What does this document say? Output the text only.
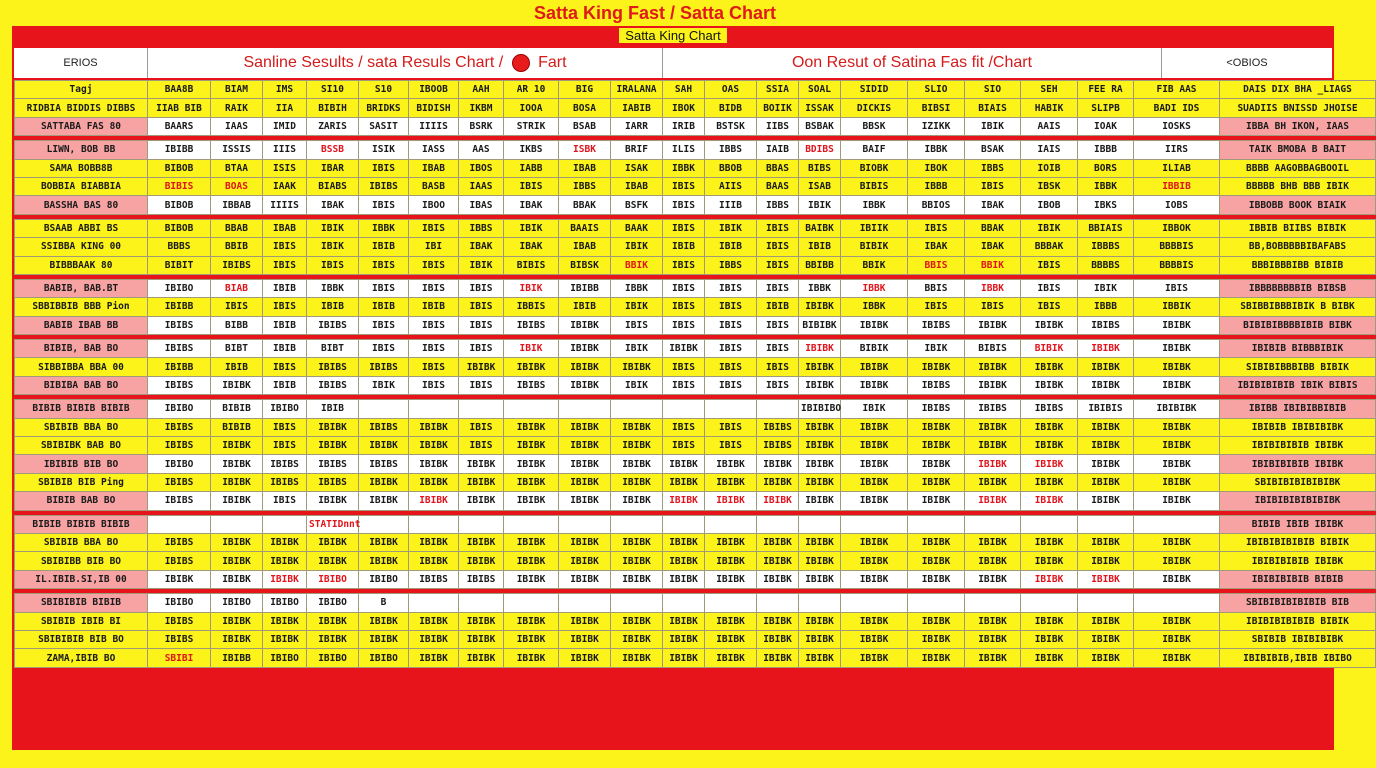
Satta King Fast / Satta Chart
Satta King Chart
ERIOS	Sanline Sesults / sata Resuls Chart / Fart	Oon Resut of Satina Fas fit /Chart	<OBIOS
Tagj	BAA8B	BIAM	IMS	SI10	S10	IBOOB	AAH	AR 10	BIG	IRALANA	SAH	OAS	SSIA	SOAL	SIDID	SLIO	SIO	SEH	FEE RA	FIB AAS	DAIS DIX BHA _LIAGS
RIDBIA BIDDIS DIBBS	IIAB BIB	RAIK	IIA	BIBIH	BRIDKS	BIDISH	IKBM	IOOA	BOSA	IABIB	IBOK	BIDB	BOIIK	ISSAK	DICKIS	BIBSI	BIAIS	HABIK	SLIPB	BADI IDS	SUADIIS BNISSD JHOISE
SATTABA FAS 80	BAARS	IAAS	IMID	ZARIS	SASIT	IIIIS	BSRK	STRIK	BSAB	IARR	IRIB	BSTSK	IIBS	BSBAK	BBSK	IZIKK	IBIK	AAIS	IOAK	IOSKS	IBBA BH IKON, IAAS

LIWN, BOB BB	IBIBB	ISSIS	IIIS	BSSB	ISIK	IASS	AAS	IKBS	ISBK	BRIF	ILIS	IBBS	IAIB	BDIBS	BAIF	IBBK	BSAK	IAIS	IBBB	IIRS	TAIK BMOBA B BAIT
SAMA BOBB8B	BIBOB	BTAA	ISIS	IBAR	IBIS	IBAB	IBOS	IABB	IBAB	ISAK	IBBK	BBOB	BBAS	BIBS	BIOBK	IBOK	IBBS	IOIB	BORS	ILIAB	BBBB AAGOBBAGBOOIL
BOBBIA BIABBIA	BIBIS	BOAS	IAAK	BIABS	IBIBS	BASB	IAAS	IBIS	IBBS	IBAB	IBIS	AIIS	BAAS	ISAB	BIBIS	IBBB	IBIS	IBSK	IBBK	IBBIB	BBBBB BHB BBB IBIK
BASSHA BAS 80	BIBOB	IBBAB	IIIIS	IBAK	IBIS	IBOO	IBAS	IBAK	BBAK	BSFK	IBIS	IIIB	IBBS	IBIK	IBBK	BBIOS	IBAK	IBOB	IBKS	IOBS	IBBOBB BOOK BIAIK

BSAAB ABBI BS	BIBOB	BBAB	IBAB	IBIK	IBBK	IBIS	IBBS	IBIK	BAAIS	BAAK	IBIS	IBIK	IBIS	BAIBK	IBIIK	IBIS	BBAK	IBIK	BBIAIS	IBBOK	IBBIB BIIBS BIBIK
SSIBBA KING 00	BBBS	BBIB	IBIS	IBIK	IBIB	IBI	IBAK	IBAK	IBAB	IBIK	IBIB	IBIB	IBIS	IBIB	BIBIK	IBAK	IBAK	BBBAK	IBBBS	BBBBIS	BB,BOBBBBBIBAFABS
BIBBBAAK 80	BIBIT	IBIBS	IBIS	IBIS	IBIS	IBIS	IBIK	BIBIS	BIBSK	BBIK	IBIS	IBBS	IBIS	BBIBB	BBIK	BBIS	BBIK	IBIS	BBBBS	BBBBIS	BBBIBBBIBB BIBIB

BABIB, BAB.BT	IBIBO	BIAB	IBIB	IBBK	IBIS	IBIS	IBIS	IBIK	IBIBB	IBBK	IBIS	IBIS	IBIS	IBBK	IBBK	BBIS	IBBK	IBIS	IBIK	IBIS	IBBBBBBBBIB BIBSB
SBBIBBIB BBB Pion	IBIBB	IBIS	IBIS	IBIB	IBIB	IBIB	IBIS	IBBIS	IBIB	IBIK	IBIS	IBIS	IBIB	IBIBK	IBBK	IBIS	IBIS	IBIS	IBBB	IBBIK	SBIBBIBBBIBIK B BIBK
BABIB IBAB BB	IBIBS	BIBB	IBIB	IBIBS	IBIS	IBIS	IBIS	IBIBS	IBIBK	IBIS	IBIS	IBIS	IBIS	BIBIBK	IBIBK	IBIBS	IBIBK	IBIBK	IBIBS	IBIBK	BIBIBIBBBBIBIB BIBK

BIBIB, BAB BO	IBIBS	BIBT	IBIB	BIBT	IBIS	IBIS	IBIS	IBIK	IBIBK	IBIK	IBIBK	IBIS	IBIS	IBIBK	BIBIK	IBIK	BIBIS	BIBIK	IBIBK	IBIBK	IBIBIB BIBBBIBIK
SIBBIBBA BBA 00	IBIBB	IBIB	IBIS	IBIBS	IBIBS	IBIS	IBIBK	IBIBK	IBIBK	IBIBK	IBIS	IBIS	IBIS	IBIBK	IBIBK	IBIBK	IBIBK	IBIBK	IBIBK	IBIBK	SIBIBIBBBIBB BIBIK
BIBIBA BAB BO	IBIBS	IBIBK	IBIB	IBIBS	IBIK	IBIS	IBIS	IBIBS	IBIBK	IBIK	IBIS	IBIS	IBIS	IBIBK	IBIBK	IBIBS	IBIBK	IBIBK	IBIBK	IBIBK	IBIBIBIBIB IBIK BIBIS

BIBIB BIBIB BIBIB	IBIBO	BIBIB	IBIBO	IBIB										IBIBIBO	IBIK	IBIBS	IBIBS	IBIBS	IBIBIS	IBIBIBK	IBIBB IBIBIBBIBIB
SBIBIB BBA BO	IBIBS	BIBIB	IBIS	IBIBK	IBIBS	IBIBK	IBIS	IBIBK	IBIBK	IBIBK	IBIS	IBIS	IBIBS	IBIBK	IBIBK	IBIBK	IBIBK	IBIBK	IBIBK	IBIBK	IBIBIB IBIBIBIBK
SBIBIBK BAB BO	IBIBS	IBIBK	IBIS	IBIBK	IBIBK	IBIBK	IBIS	IBIBK	IBIBK	IBIBK	IBIS	IBIS	IBIBS	IBIBK	IBIBK	IBIBK	IBIBK	IBIBK	IBIBK	IBIBK	IBIBIBIBIB IBIBK
IBIBIB BIB BO	IBIBO	IBIBK	IBIBS	IBIBS	IBIBS	IBIBK	IBIBK	IBIBK	IBIBK	IBIBK	IBIBK	IBIBK	IBIBK	IBIBK	IBIBK	IBIBK	IBIBK	IBIBK	IBIBK	IBIBK	IBIBIBIBIB IBIBK
SBIBIB BIB Ping	IBIBS	IBIBK	IBIBS	IBIBS	IBIBK	IBIBK	IBIBK	IBIBK	IBIBK	IBIBK	IBIBK	IBIBK	IBIBK	IBIBK	IBIBK	IBIBK	IBIBK	IBIBK	IBIBK	IBIBK	SBIBIBIBIBIBIBK
BIBIB BAB BO	IBIBS	IBIBK	IBIS	IBIBK	IBIBK	IBIBK	IBIBK	IBIBK	IBIBK	IBIBK	IBIBK	IBIBK	IBIBK	IBIBK	IBIBK	IBIBK	IBIBK	IBIBK	IBIBK	IBIBK	IBIBIBIBIBIBIBK

BIBIB BIBIB BIBIB				STATIDnnt																	BIBIB IBIB IBIBK
SBIBIB BBA BO	IBIBS	IBIBK	IBIBK	IBIBK	IBIBK	IBIBK	IBIBK	IBIBK	IBIBK	IBIBK	IBIBK	IBIBK	IBIBK	IBIBK	IBIBK	IBIBK	IBIBK	IBIBK	IBIBK	IBIBK	IBIBIBIBIBIB BIBIK
SBIBIBB BIB BO	IBIBS	IBIBK	IBIBK	IBIBK	IBIBK	IBIBK	IBIBK	IBIBK	IBIBK	IBIBK	IBIBK	IBIBK	IBIBK	IBIBK	IBIBK	IBIBK	IBIBK	IBIBK	IBIBK	IBIBK	IBIBIBIBIB IBIBK
IL.IBIB.SI,IB 00	IBIBK	IBIBK	IBIBK	IBIBO	IBIBO	IBIBS	IBIBS	IBIBK	IBIBK	IBIBK	IBIBK	IBIBK	IBIBK	IBIBK	IBIBK	IBIBK	IBIBK	IBIBK	IBIBK	IBIBK	IBIBIBIBIB BIBIB

SBIBIBIB BIBIB	IBIBO	IBIBO	IBIBO	IBIBO	B																SBIBIBIBIBIBIB BIB
SBIBIB IBIB BI	IBIBS	IBIBK	IBIBK	IBIBK	IBIBK	IBIBK	IBIBK	IBIBK	IBIBK	IBIBK	IBIBK	IBIBK	IBIBK	IBIBK	IBIBK	IBIBK	IBIBK	IBIBK	IBIBK	IBIBK	IBIBIBIBIBIB BIBIK
SBIBIBIB BIB BO	IBIBS	IBIBK	IBIBK	IBIBK	IBIBK	IBIBK	IBIBK	IBIBK	IBIBK	IBIBK	IBIBK	IBIBK	IBIBK	IBIBK	IBIBK	IBIBK	IBIBK	IBIBK	IBIBK	IBIBK	SBIBIB IBIBIBIBK
ZAMA,IBIB BO	SBIBI	IBIBB	IBIBO	IBIBO	IBIBO	IBIBK	IBIBK	IBIBK	IBIBK	IBIBK	IBIBK	IBIBK	IBIBK	IBIBK	IBIBK	IBIBK	IBIBK	IBIBK	IBIBK	IBIBK	IBIBIBIB,IBIB IBIBO
